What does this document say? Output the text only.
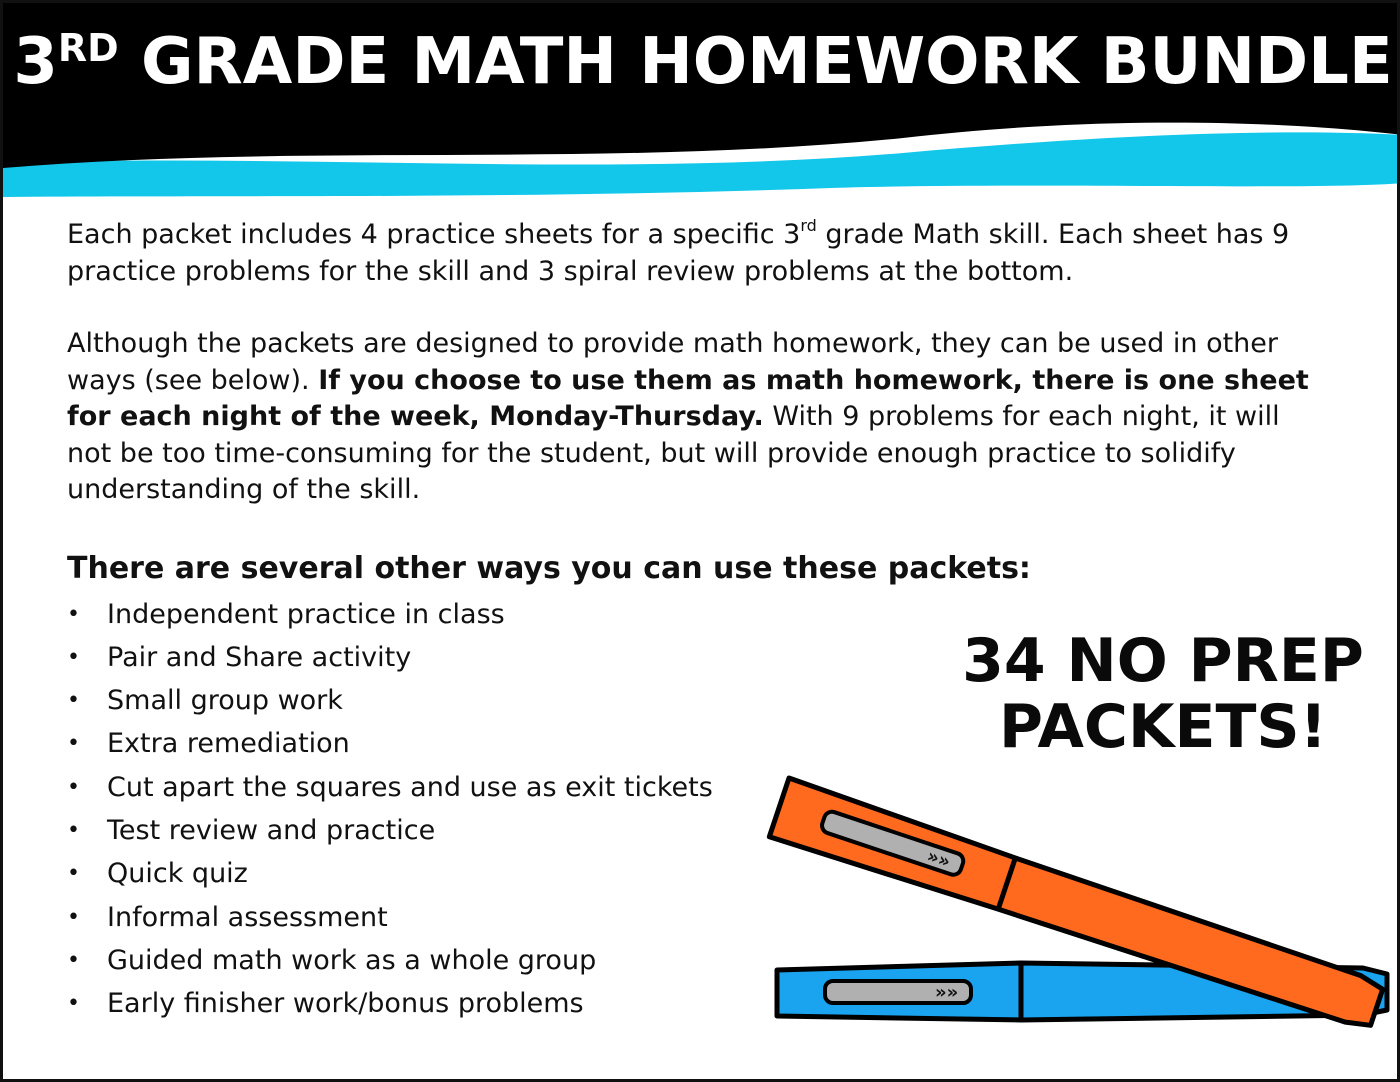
3RD GRADE MATH HOMEWORK BUNDLE

Each packet includes 4 practice sheets for a specific 3rd grade Math skill. Each sheet has 9 practice problems for the skill and 3 spiral review problems at the bottom.

Although the packets are designed to provide math homework, they can be used in other ways (see below). If you choose to use them as math homework, there is one sheet for each night of the week, Monday-Thursday. With 9 problems for each night, it will not be too time-consuming for the student, but will provide enough practice to solidify understanding of the skill.

There are several other ways you can use these packets:

• Independent practice in class
• Pair and Share activity
• Small group work
• Extra remediation
• Cut apart the squares and use as exit tickets
• Test review and practice
• Quick quiz
• Informal assessment
• Guided math work as a whole group
• Early finisher work/bonus problems
34 NO PREP
PACKETS!
»»
»»
